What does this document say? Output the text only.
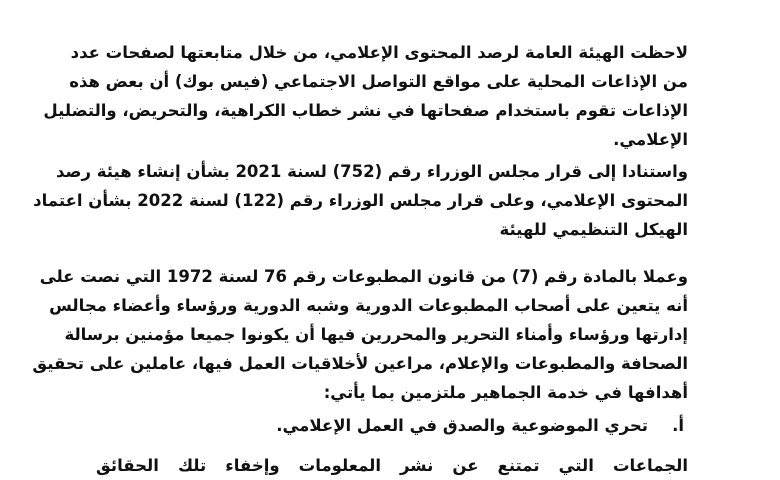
لاحظت الهيئة العامة لرصد المحتوى الإعلامي، من خلال متابعتها لصفحات عدد
من الإذاعات المحلية على مواقع التواصل الاجتماعي (فيس بوك) أن بعض هذه
الإذاعات تقوم باستخدام صفحاتها في نشر خطاب الكراهية، والتحريض، والتضليل
الإعلامي.
واستنادا إلى قرار مجلس الوزراء رقم (752) لسنة 2021 بشأن إنشاء هيئة رصد
المحتوى الإعلامي، وعلى قرار مجلس الوزراء رقم (122) لسنة 2022 بشأن اعتماد
الهيكل التنظيمي للهيئة
وعملا بالمادة رقم (7) من قانون المطبوعات رقم 76 لسنة 1972 التي نصت على
أنه يتعين على أصحاب المطبوعات الدورية وشبه الدورية ورؤساء وأعضاء مجالس
إدارتها ورؤساء وأمناء التحرير والمحررين فيها أن يكونوا جميعا مؤمنين برسالة
الصحافة والمطبوعات والإعلام، مراعين لأخلاقيات العمل فيها، عاملين على تحقيق
أهدافها في خدمة الجماهير ملتزمين بما يأتي:
أ.تحري الموضوعية والصدق في العمل الإعلامي.
الجماعات التي تمتنع عن نشر المعلومات وإخفاء تلك الحقائق
